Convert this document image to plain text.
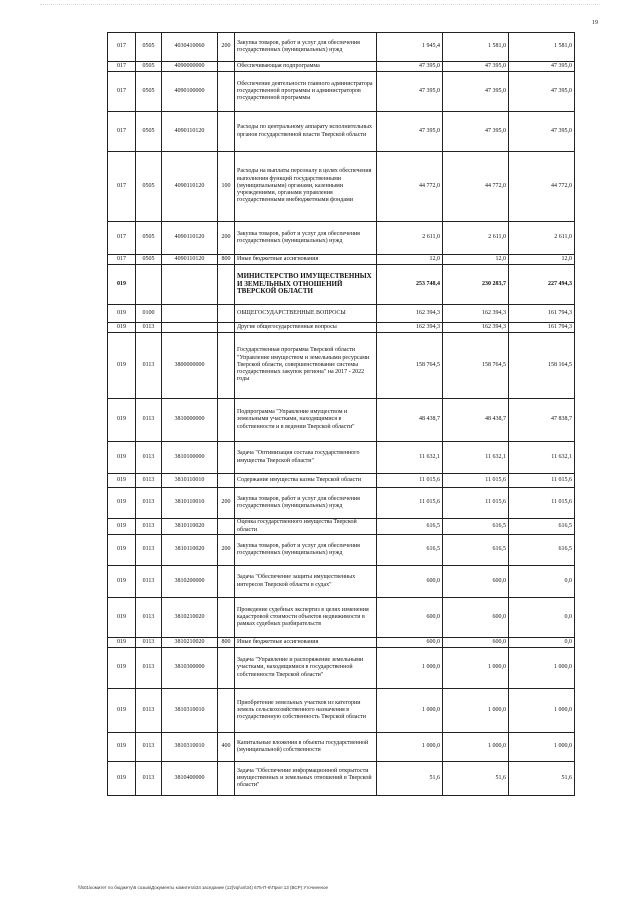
19
017	0505	4030410060	200	Закупка товаров, работ и услуг для обеспечения государственных (муниципальных) нужд	1 945,4	1 581,0	1 581,0
017	0505	4090000000		Обеспечивающая подпрограмма	47 395,0	47 395,0	47 395,0
017	0505	4090100000		Обеспечение деятельности главного администратора государственной программы и администраторов государственной программы	47 395,0	47 395,0	47 395,0
017	0505	4090110120		Расходы по центральному аппарату исполнительных органов государственной власти Тверской области	47 395,0	47 395,0	47 395,0
017	0505	4090110120	100	Расходы на выплаты персоналу в целях обеспечения выполнения функций государственными (муниципальными) органами, казенными учреждениями, органами управления государственными внебюджетными фондами	44 772,0	44 772,0	44 772,0
017	0505	4090110120	200	Закупка товаров, работ и услуг для обеспечения государственных (муниципальных) нужд	2 611,0	2 611,0	2 611,0
017	0505	4090110120	800	Иные бюджетные ассигнования	12,0	12,0	12,0
019				МИНИСТЕРСТВО ИМУЩЕСТВЕННЫХ И ЗЕМЕЛЬНЫХ ОТНОШЕНИЙ ТВЕРСКОЙ ОБЛАСТИ	253 748,4	230 283,7	227 494,3
019	0100			ОБЩЕГОСУДАРСТВЕННЫЕ ВОПРОСЫ	162 394,3	162 394,3	161 794,3
019	0113			Другие общегосударственные вопросы	162 394,3	162 394,3	161 794,3
019	0113	3800000000		Государственная программа Тверской области "Управление имуществом и земельными ресурсами Тверской области, совершенствование системы государственных закупок региона" на 2017 - 2022 годы	158 764,5	158 764,5	158 164,5
019	0113	3810000000		Подпрограмма "Управление имуществом и земельными участками, находящимися в собственности и в ведении Тверской области"	48 438,7	48 438,7	47 838,7
019	0113	3810100000		Задача "Оптимизация состава государственного имущества Тверской области"	11 632,1	11 632,1	11 632,1
019	0113	3810110010		Содержание имущества казны Тверской области	11 015,6	11 015,6	11 015,6
019	0113	3810110010	200	Закупка товаров, работ и услуг для обеспечения государственных (муниципальных) нужд	11 015,6	11 015,6	11 015,6
019	0113	3810110020		Оценка государственного имущества Тверской области	616,5	616,5	616,5
019	0113	3810110020	200	Закупка товаров, работ и услуг для обеспечения государственных (муниципальных) нужд	616,5	616,5	616,5
019	0113	3810200000		Задача "Обеспечение защиты имущественных интересов Тверской области в судах"	600,0	600,0	0,0
019	0113	3810210020		Проведение судебных экспертиз в целях изменения кадастровой стоимости объектов недвижимости в рамках судебных разбирательств	600,0	600,0	0,0
019	0113	3810210020	800	Иные бюджетные ассигнования	600,0	600,0	0,0
019	0113	3810300000		Задача "Управление и распоряжение земельными участками, находящимися в государственной собственности Тверской области"	1 000,0	1 000,0	1 000,0
019	0113	3810310010		Приобретение земельных участков из категории земель сельскохозяйственного назначения в государственную собственность Тверской области	1 000,0	1 000,0	1 000,0
019	0113	3810310010	400	Капитальные вложения в объекты государственной (муниципальной) собственности	1 000,0	1 000,0	1 000,0
019	0113	3810400000		Задача "Обеспечение информационной открытости имущественных и земельных отношений в Тверской области"	51,6	51,6	51,6
\\fs01\комитет по бюджету\6 созыв\Документы комитета\34 заседание (12)\пр\зп\34) 675-П-6\Прил 13 (ВСР) Уточненное
